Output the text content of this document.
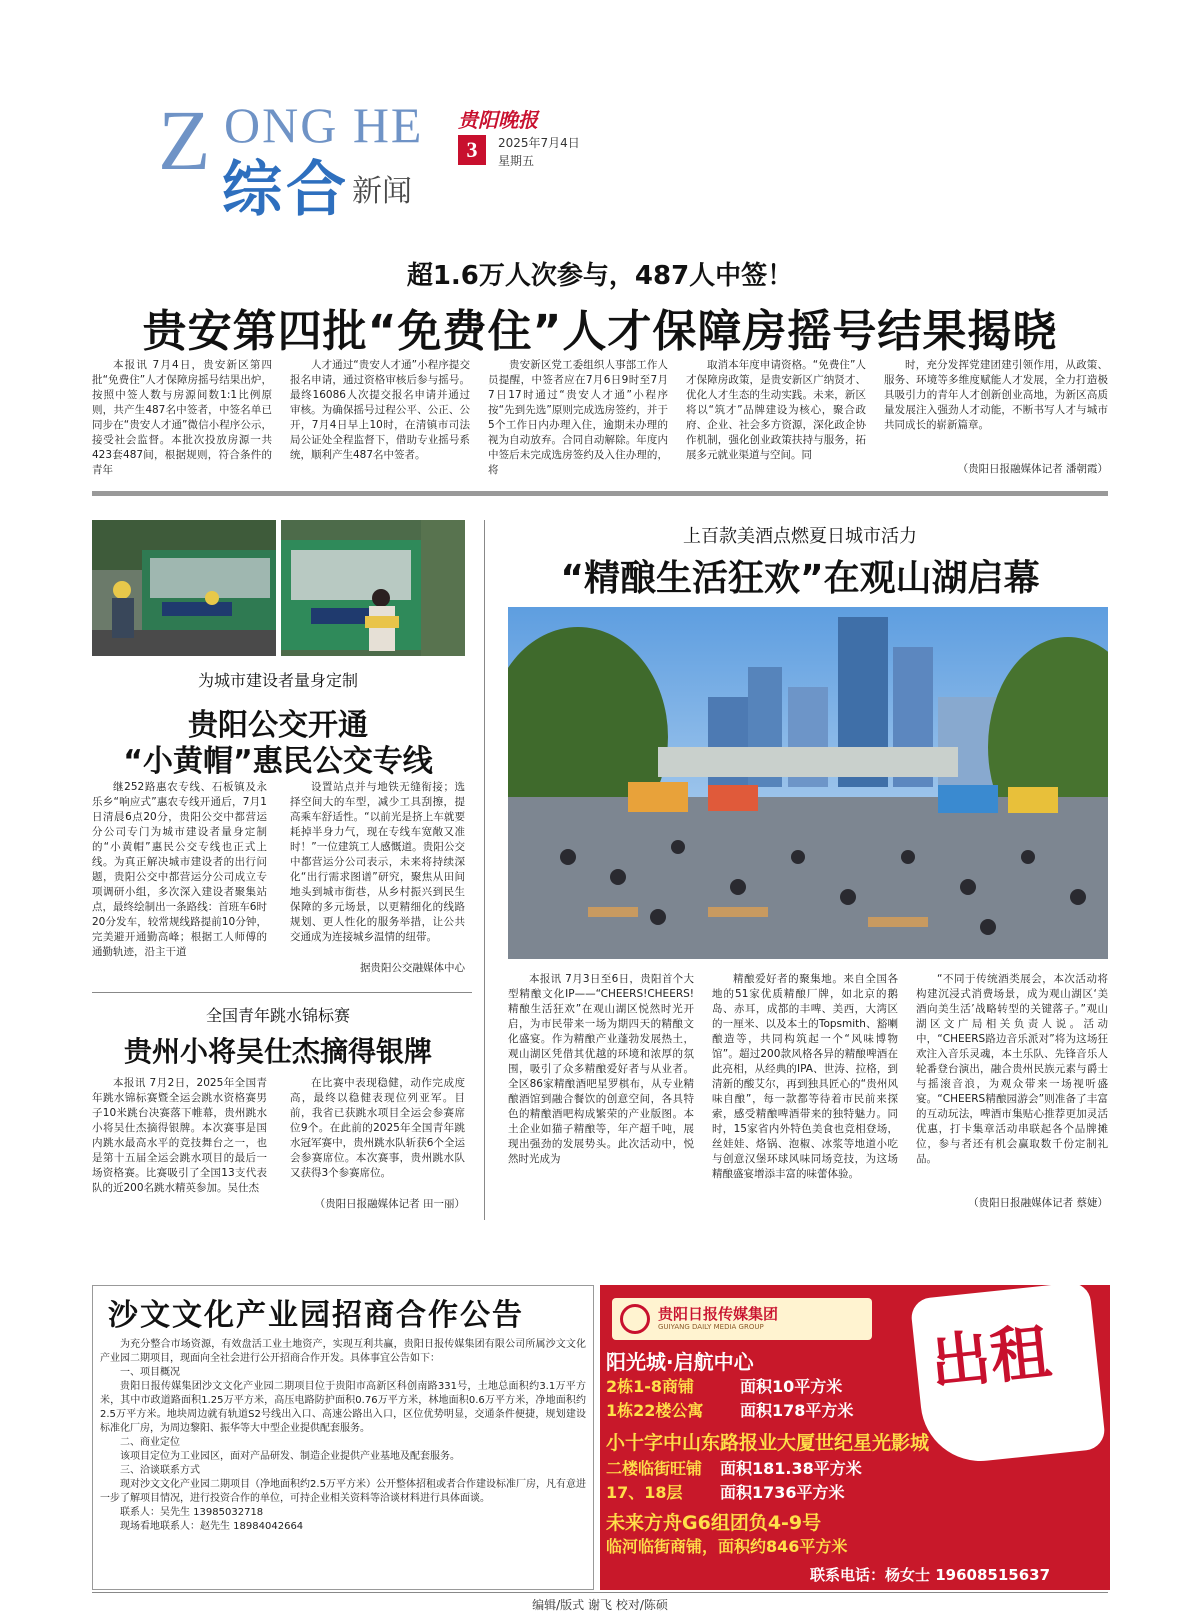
Z ONG HE
综合 新闻
贵阳晚报
3	2025年7月4日
星期五
超1.6万人次参与，487人中签！
贵安第四批“免费住”人才保障房摇号结果揭晓

本报讯 7月4日，贵安新区第四批“免费住”人才保障房摇号结果出炉，按照中签人数与房源间数1:1比例原则，共产生487名中签者，中签名单已同步在“贵安人才通”微信小程序公示，接受社会监督。本批次投放房源一共423套487间，根据规则，符合条件的青年

人才通过“贵安人才通”小程序提交报名申请，通过资格审核后参与摇号。最终16086人次提交报名申请并通过审核。为确保摇号过程公平、公正、公开，7月4日早上10时，在清镇市司法局公证处全程监督下，借助专业摇号系统，顺利产生487名中签者。

贵安新区党工委组织人事部工作人员提醒，中签者应在7月6日9时至7月7日17时通过“贵安人才通”小程序按“先到先选”原则完成选房签约，并于5个工作日内办理入住，逾期未办理的视为自动放弃。合同自动解除。年度内中签后未完成选房签约及入住办理的，将

取消本年度申请资格。“免费住”人才保障房政策，是贵安新区广纳贤才、优化人才生态的生动实践。未来，新区将以“筑才”品牌建设为核心，聚合政府、企业、社会多方资源，深化政企协作机制，强化创业政策扶持与服务，拓展多元就业渠道与空间。同

时，充分发挥党建团建引领作用，从政策、服务、环境等多维度赋能人才发展，全力打造极具吸引力的青年人才创新创业高地，为新区高质量发展注入强劲人才动能，不断书写人才与城市共同成长的崭新篇章。

（贵阳日报融媒体记者 潘朝霞）
为城市建设者量身定制
贵阳公交开通
“小黄帽”惠民公交专线

继252路惠农专线、石板镇及永乐乡“响应式”惠农专线开通后，7月1日清晨6点20分，贵阳公交中都营运分公司专门为城市建设者量身定制的“小黄帽”惠民公交专线也正式上线。为真正解决城市建设者的出行问题，贵阳公交中都营运分公司成立专项调研小组，多次深入建设者聚集站点，最终绘制出一条路线：首班车6时20分发车，较常规线路提前10分钟，完美避开通勤高峰；根据工人师傅的通勤轨迹，沿主干道

设置站点并与地铁无缝衔接；选择空间大的车型，减少工具刮擦，提高乘车舒适性。“以前光是挤上车就要耗掉半身力气，现在专线车宽敞又准时！”一位建筑工人感慨道。贵阳公交中都营运分公司表示，未来将持续深化“出行需求图谱”研究，聚焦从田间地头到城市街巷，从乡村振兴到民生保障的多元场景，以更精细化的线路规划、更人性化的服务举措，让公共交通成为连接城乡温情的纽带。

据贵阳公交融媒体中心
全国青年跳水锦标赛
贵州小将吴仕杰摘得银牌

本报讯 7月2日，2025年全国青年跳水锦标赛暨全运会跳水资格赛男子10米跳台决赛落下帷幕，贵州跳水小将吴仕杰摘得银牌。本次赛事是国内跳水最高水平的竞技舞台之一，也是第十五届全运会跳水项目的最后一场资格赛。比赛吸引了全国13支代表队的近200名跳水精英参加。吴仕杰

在比赛中表现稳健，动作完成度高，最终以稳健表现位列亚军。目前，我省已获跳水项目全运会参赛席位9个。在此前的2025年全国青年跳水冠军赛中，贵州跳水队斩获6个全运会参赛席位。本次赛事，贵州跳水队又获得3个参赛席位。

（贵阳日报融媒体记者 田一丽）
上百款美酒点燃夏日城市活力
“精酿生活狂欢”在观山湖启幕

本报讯 7月3日至6日，贵阳首个大型精酿文化IP——“CHEERS!CHEERS!精酿生活狂欢”在观山湖区悦然时光开启，为市民带来一场为期四天的精酿文化盛宴。作为精酿产业蓬勃发展热土，观山湖区凭借其优越的环境和浓厚的氛围，吸引了众多精酿爱好者与从业者。全区86家精酿酒吧星罗棋布，从专业精酿酒馆到融合餐饮的创意空间，各具特色的精酿酒吧构成繁荣的产业版图。本土企业如猫子精酿等，年产超千吨，展现出强劲的发展势头。此次活动中，悦然时光成为

精酿爱好者的聚集地。来自全国各地的51家优质精酿厂牌，如北京的鹅岛、赤耳，成都的丰啤、美西，大湾区的一厘米、以及本土的Topsmith、豁喇酿造等，共同构筑起一个“风味博物馆”。超过200款风格各异的精酿啤酒在此亮相，从经典的IPA、世涛、拉格，到清新的酸艾尔，再到独具匠心的“贵州风味自酿”，每一款都等待着市民前来探索，感受精酿啤酒带来的独特魅力。同时，15家省内外特色美食也竞相登场，丝娃娃、烙锅、泡椒、冰浆等地道小吃与创意汉堡环球风味同场竞技，为这场精酿盛宴增添丰富的味蕾体验。

“不同于传统酒类展会，本次活动将构建沉浸式消费场景，成为观山湖区‘美酒向美生活’战略转型的关键落子。”观山湖区文广局相关负责人说。活动中，“CHEERS路边音乐派对”将为这场狂欢注入音乐灵魂，本土乐队、先锋音乐人轮番登台演出，融合贵州民族元素与爵士与摇滚音浪，为观众带来一场视听盛宴。“CHEERS精酿园游会”则准备了丰富的互动玩法，啤酒市集贴心推荐更加灵活优惠，打卡集章活动串联起各个品牌摊位，参与者还有机会赢取数千份定制礼品。

（贵阳日报融媒体记者 蔡婕）
沙文文化产业园招商合作公告

为充分整合市场资源，有效盘活工业土地资产，实现互利共赢，贵阳日报传媒集团有限公司所属沙文文化产业园二期项目，现面向全社会进行公开招商合作开发。具体事宜公告如下：

一、项目概况

贵阳日报传媒集团沙文文化产业园二期项目位于贵阳市高新区科创南路331号，土地总面积约3.1万平方米，其中市政道路面积1.25万平方米，高压电路防护面积0.76万平方米，林地面积0.6万平方米，净地面积约2.5万平方米。地块周边就有轨道S2号线出入口、高速公路出入口，区位优势明显，交通条件便捷，规划建设标准化厂房，为周边黎阳、振华等大中型企业提供配套服务。

二、商业定位

该项目定位为工业园区，面对产品研发、制造企业提供产业基地及配套服务。

三、洽谈联系方式

现对沙文文化产业园二期项目（净地面积约2.5万平方米）公开整体招租或者合作建设标准厂房，凡有意进一步了解项目情况，进行投资合作的单位，可持企业相关资料等洽谈材料进行具体面谈。

联系人：吴先生 13985032718

现场看地联系人：赵先生 18984042664

贵阳日报传媒集团
GUIYANG DAILY MEDIA GROUP	出租
阳光城·启航中心
2栋1-8商铺	面积10平方米
1栋22楼公寓 面积178平方米
小十字中山东路报业大厦世纪星光影城
二楼临街旺铺 面积181.38平方米
17、18层 面积1736平方米
未来方舟G6组团负4-9号
临河临街商铺，面积约846平方米
联系电话：杨女士 19608515637
编辑/版式 谢飞 校对/陈硕
